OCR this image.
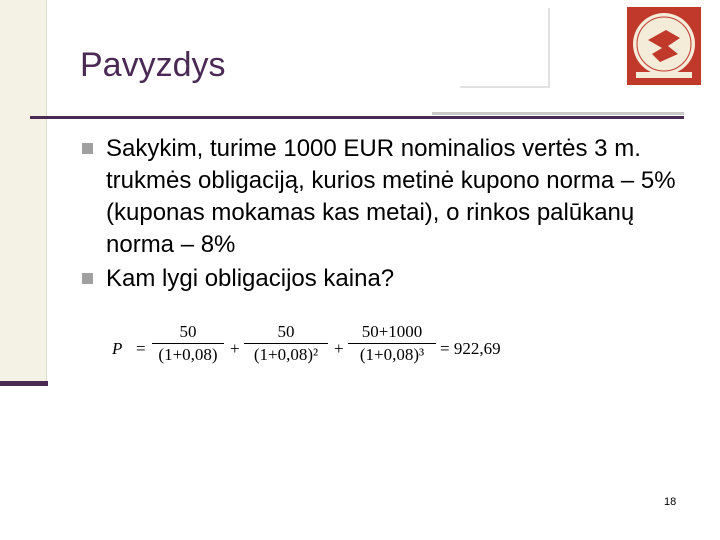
Pavyzdys
Sakykim, turime 1000 EUR nominalios vertės 3 m. trukmės obligaciją, kurios metinė kupono norma – 5% (kuponas mokamas kas metai), o rinkos palūkanų norma – 8%
Kam lygi obligacijos kaina?
P =
50
(1+0,08) +
50
(1+0,08)² +
50+1000
(1+0,08)³ = 922,69
18
